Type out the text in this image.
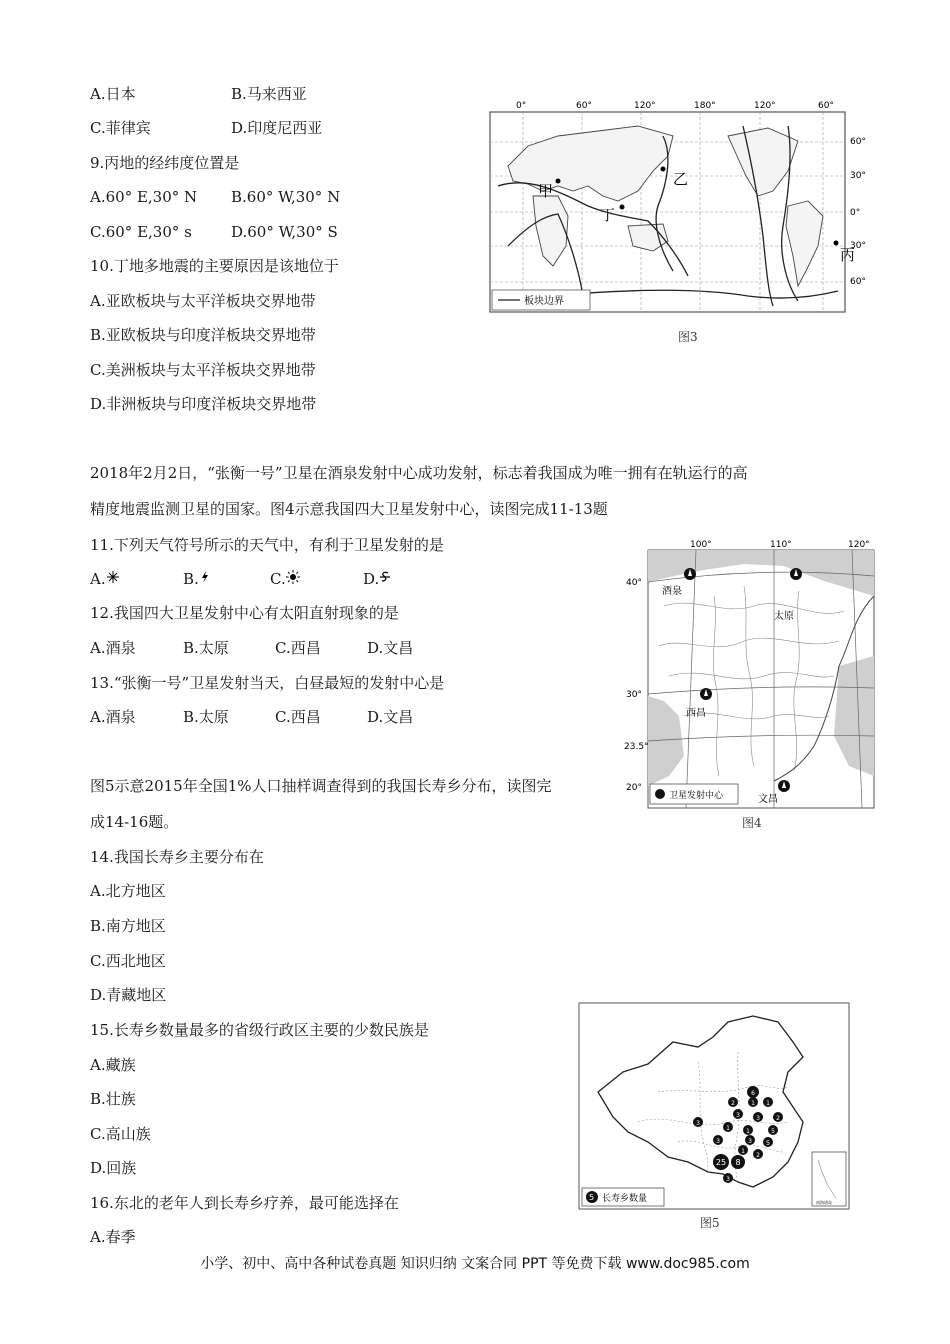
A.日本	B.马来西亚
C.菲律宾	D.印度尼西亚
9.丙地的经纬度位置是
A.60° E,30° N B.60° W,30° N
C.60° E,30° s	D.60° W,30° S
10.丁地多地震的主要原因是该地位于
A.亚欧板块与太平洋板块交界地带
B.亚欧板块与印度洋板块交界地带
C.美洲板块与太平洋板块交界地带
D.非洲板块与印度洋板块交界地带
0°	60°	120°	180°	120°	60°
甲
乙
丙
丁
60°
30°
0°
30°
60°
板块边界
图3
2018年2月2日，“张衡一号”卫星在酒泉发射中心成功发射，标志着我国成为唯一拥有在轨运行的高
精度地震监测卫星的国家。图4示意我国四大卫星发射中心，读图完成11-13题
11.下列天气符号所示的天气中，有利于卫星发射的是
A.	B.	C.	D.
12.我国四大卫星发射中心有太阳直射现象的是
A.酒泉	B.太原	C.西昌	D.文昌
13.“张衡一号”卫星发射当天，白昼最短的发射中心是
A.酒泉	B.太原	C.西昌	D.文昌
100°	110°	120°
酒泉
太原
西昌
文昌
40°
30°
23.5°
20°
卫星发射中心
图4
图5示意2015年全国1%人口抽样调查得到的我国长寿乡分布，读图完
成14-16题。
14.我国长寿乡主要分布在
A.北方地区
B.南方地区
C.西北地区
D.青藏地区
15.长寿乡数量最多的省级行政区主要的少数民族是
A.藏族
B.壮族
C.高山族
D.回族
16.东北的老年人到长寿乡疗养，最可能选择在
A.春季
南海诸岛
6
2	1 1
3	3	2
1	1	5
3	3 5
1
2
25 8
3
3
5 长寿乡数量
图5
小学、初中、高中各种试卷真题 知识归纳 文案合同 PPT 等免费下载 www.doc985.com
